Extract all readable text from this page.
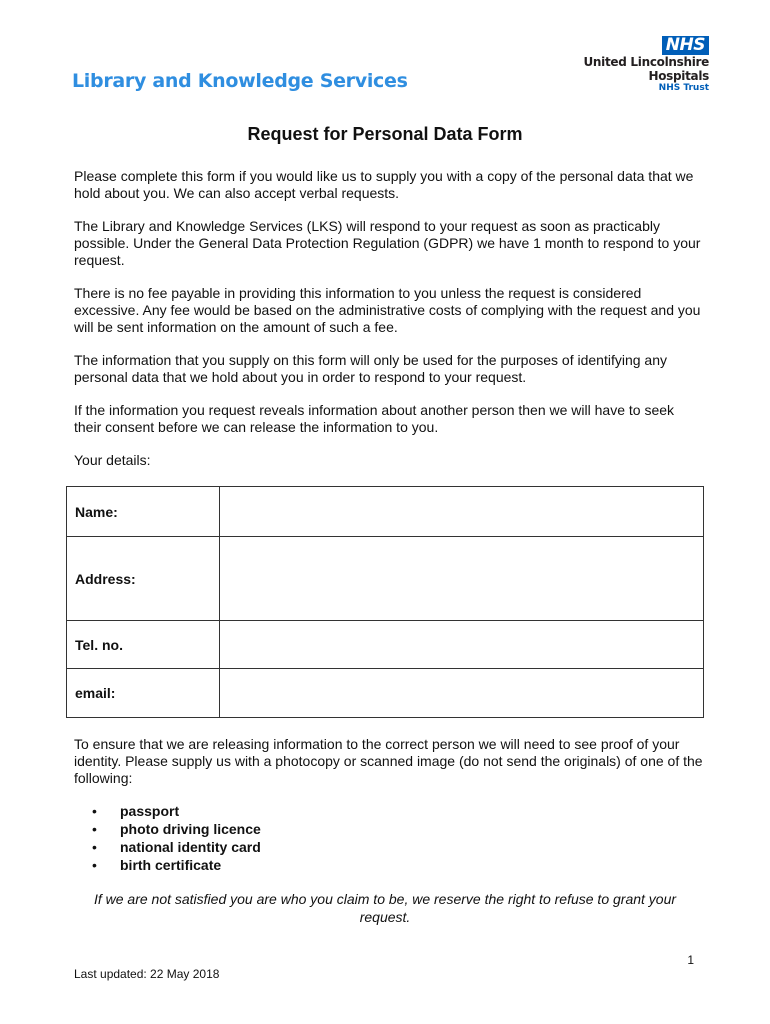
Library and Knowledge Services
NHS
United Lincolnshire
Hospitals
NHS Trust
Request for Personal Data Form

Please complete this form if you would like us to supply you with a copy of the personal data that we hold about you. We can also accept verbal requests.

The Library and Knowledge Services (LKS) will respond to your request as soon as practicably possible. Under the General Data Protection Regulation (GDPR) we have 1 month to respond to your request.

There is no fee payable in providing this information to you unless the request is considered excessive. Any fee would be based on the administrative costs of complying with the request and you will be sent information on the amount of such a fee.

The information that you supply on this form will only be used for the purposes of identifying any personal data that we hold about you in order to respond to your request.

If the information you request reveals information about another person then we will have to seek their consent before we can release the information to you.

Your details:

Name:	
Address:	
Tel. no.	
email:	
To ensure that we are releasing information to the correct person we will need to see proof of your identity. Please supply us with a photocopy or scanned image (do not send the originals) of one of the following:
• passport
• photo driving licence
• national identity card
• birth certificate
If we are not satisfied you are who you claim to be, we reserve the right to refuse to grant your request.
1
Last updated: 22 May 2018
